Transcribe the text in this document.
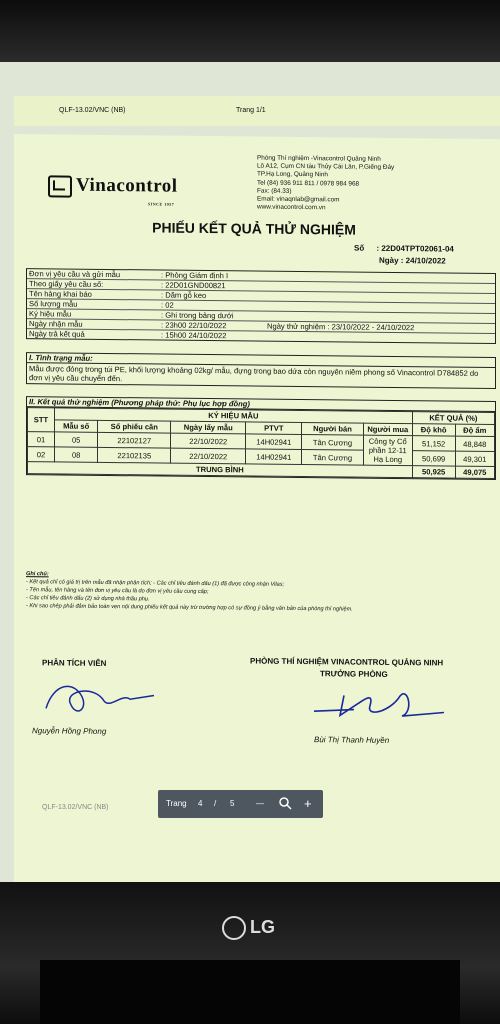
QLF-13.02/VNC (NB)	Trang 1/1
Vinacontrol
SINCE 1957
Phòng Thí nghiệm -Vinacontrol Quảng Ninh
Lô A12, Cụm CN tàu Thủy Cái Lân, P.Giếng Đáy
TP.Hạ Long, Quảng Ninh
Tel (84) 936 911 811 / 0978 984 968
Fax: (84.33)
Email: vinaqnlab@gmail.com
www.vinacontrol.com.vn
PHIẾU KẾT QUẢ THỬ NGHIỆM
Số : 22D04TPT02061-04
Ngày : 24/10/2022
Đơn vị yêu cầu và gửi mẫu	: Phòng Giám định I
Theo giấy yêu cầu số:	: 22D01GND00821
Tên hàng khai báo	: Dăm gỗ keo
Số lượng mẫu	: 02
Ký hiệu mẫu	: Ghi trong bảng dưới
Ngày nhận mẫu	: 23h00 22/10/2022	Ngày thử nghiệm : 23/10/2022 - 24/10/2022
Ngày trả kết quả	: 15h00 24/10/2022
I. Tình trạng mẫu:
Mẫu được đóng trong túi PE, khối lượng khoảng 02kg/ mẫu, đựng trong bao dứa còn nguyên niêm phong số Vinacontrol D784852 do đơn vị yêu cầu chuyển đến.
II. Kết quả thử nghiệm (Phương pháp thử: Phụ lục hợp đồng)
STT	KÝ HIỆU MẪU						KẾT QUẢ (%)	
	Mẫu số	Số phiếu cân	Ngày lấy mẫu	PTVT	Người bán	Người mua	Độ khô	Độ ẩm
01	05	22102127	22/10/2022	14H02941	Tân Cương	Công ty Cổ phần 12-11 Hạ Long	51,152	48,848
02	08	22102135	22/10/2022	14H02941	Tân Cương		50,699	49,301
TRUNG BÌNH							50,925	49,075
Ghi chú:
- Kết quả chỉ có giá trị trên mẫu đã nhận phân tích; - Các chỉ tiêu đánh dấu (1) đã được công nhận Vilas;
- Tên mẫu, tên hàng và tên đơn vị yêu cầu là do đơn vị yêu cầu cung cấp;
- Các chỉ tiêu đánh dấu (2) sử dụng nhà thầu phụ.
- Khi sao chép phải đảm bảo toàn vẹn nội dung phiếu kết quả này trừ trường hợp có sự đồng ý bằng văn bản của phòng thí nghiệm.
PHÂN TÍCH VIÊN
Nguyễn Hồng Phong
PHÒNG THÍ NGHIỆM VINACONTROL QUẢNG NINH
TRƯỞNG PHÒNG
Bùi Thị Thanh Huyền
QLF-13.02/VNC (NB)	Trang 4 / 5	—	+
LG
